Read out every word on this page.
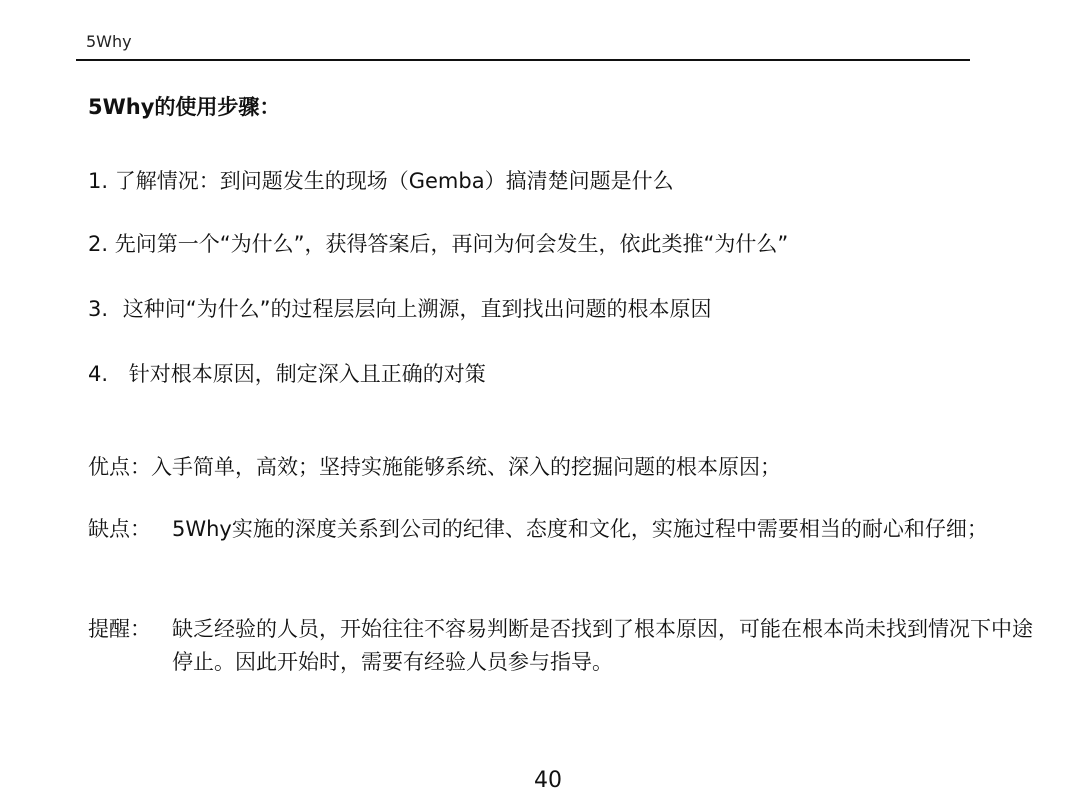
5Why
5Why的使用步骤：
1. 了解情况：到问题发生的现场（Gemba）搞清楚问题是什么
2. 先问第一个“为什么”，获得答案后，再问为何会发生，依此类推“为什么”
3. 这种问“为什么”的过程层层向上溯源，直到找出问题的根本原因
4. 针对根本原因，制定深入且正确的对策
优点：入手简单，高效；坚持实施能够系统、深入的挖掘问题的根本原因；
缺点： 5Why实施的深度关系到公司的纪律、态度和文化，实施过程中需要相当的耐心和仔细；
提醒： 缺乏经验的人员，开始往往不容易判断是否找到了根本原因，可能在根本尚未找到情况下中途停止。因此开始时，需要有经验人员参与指导。
40
